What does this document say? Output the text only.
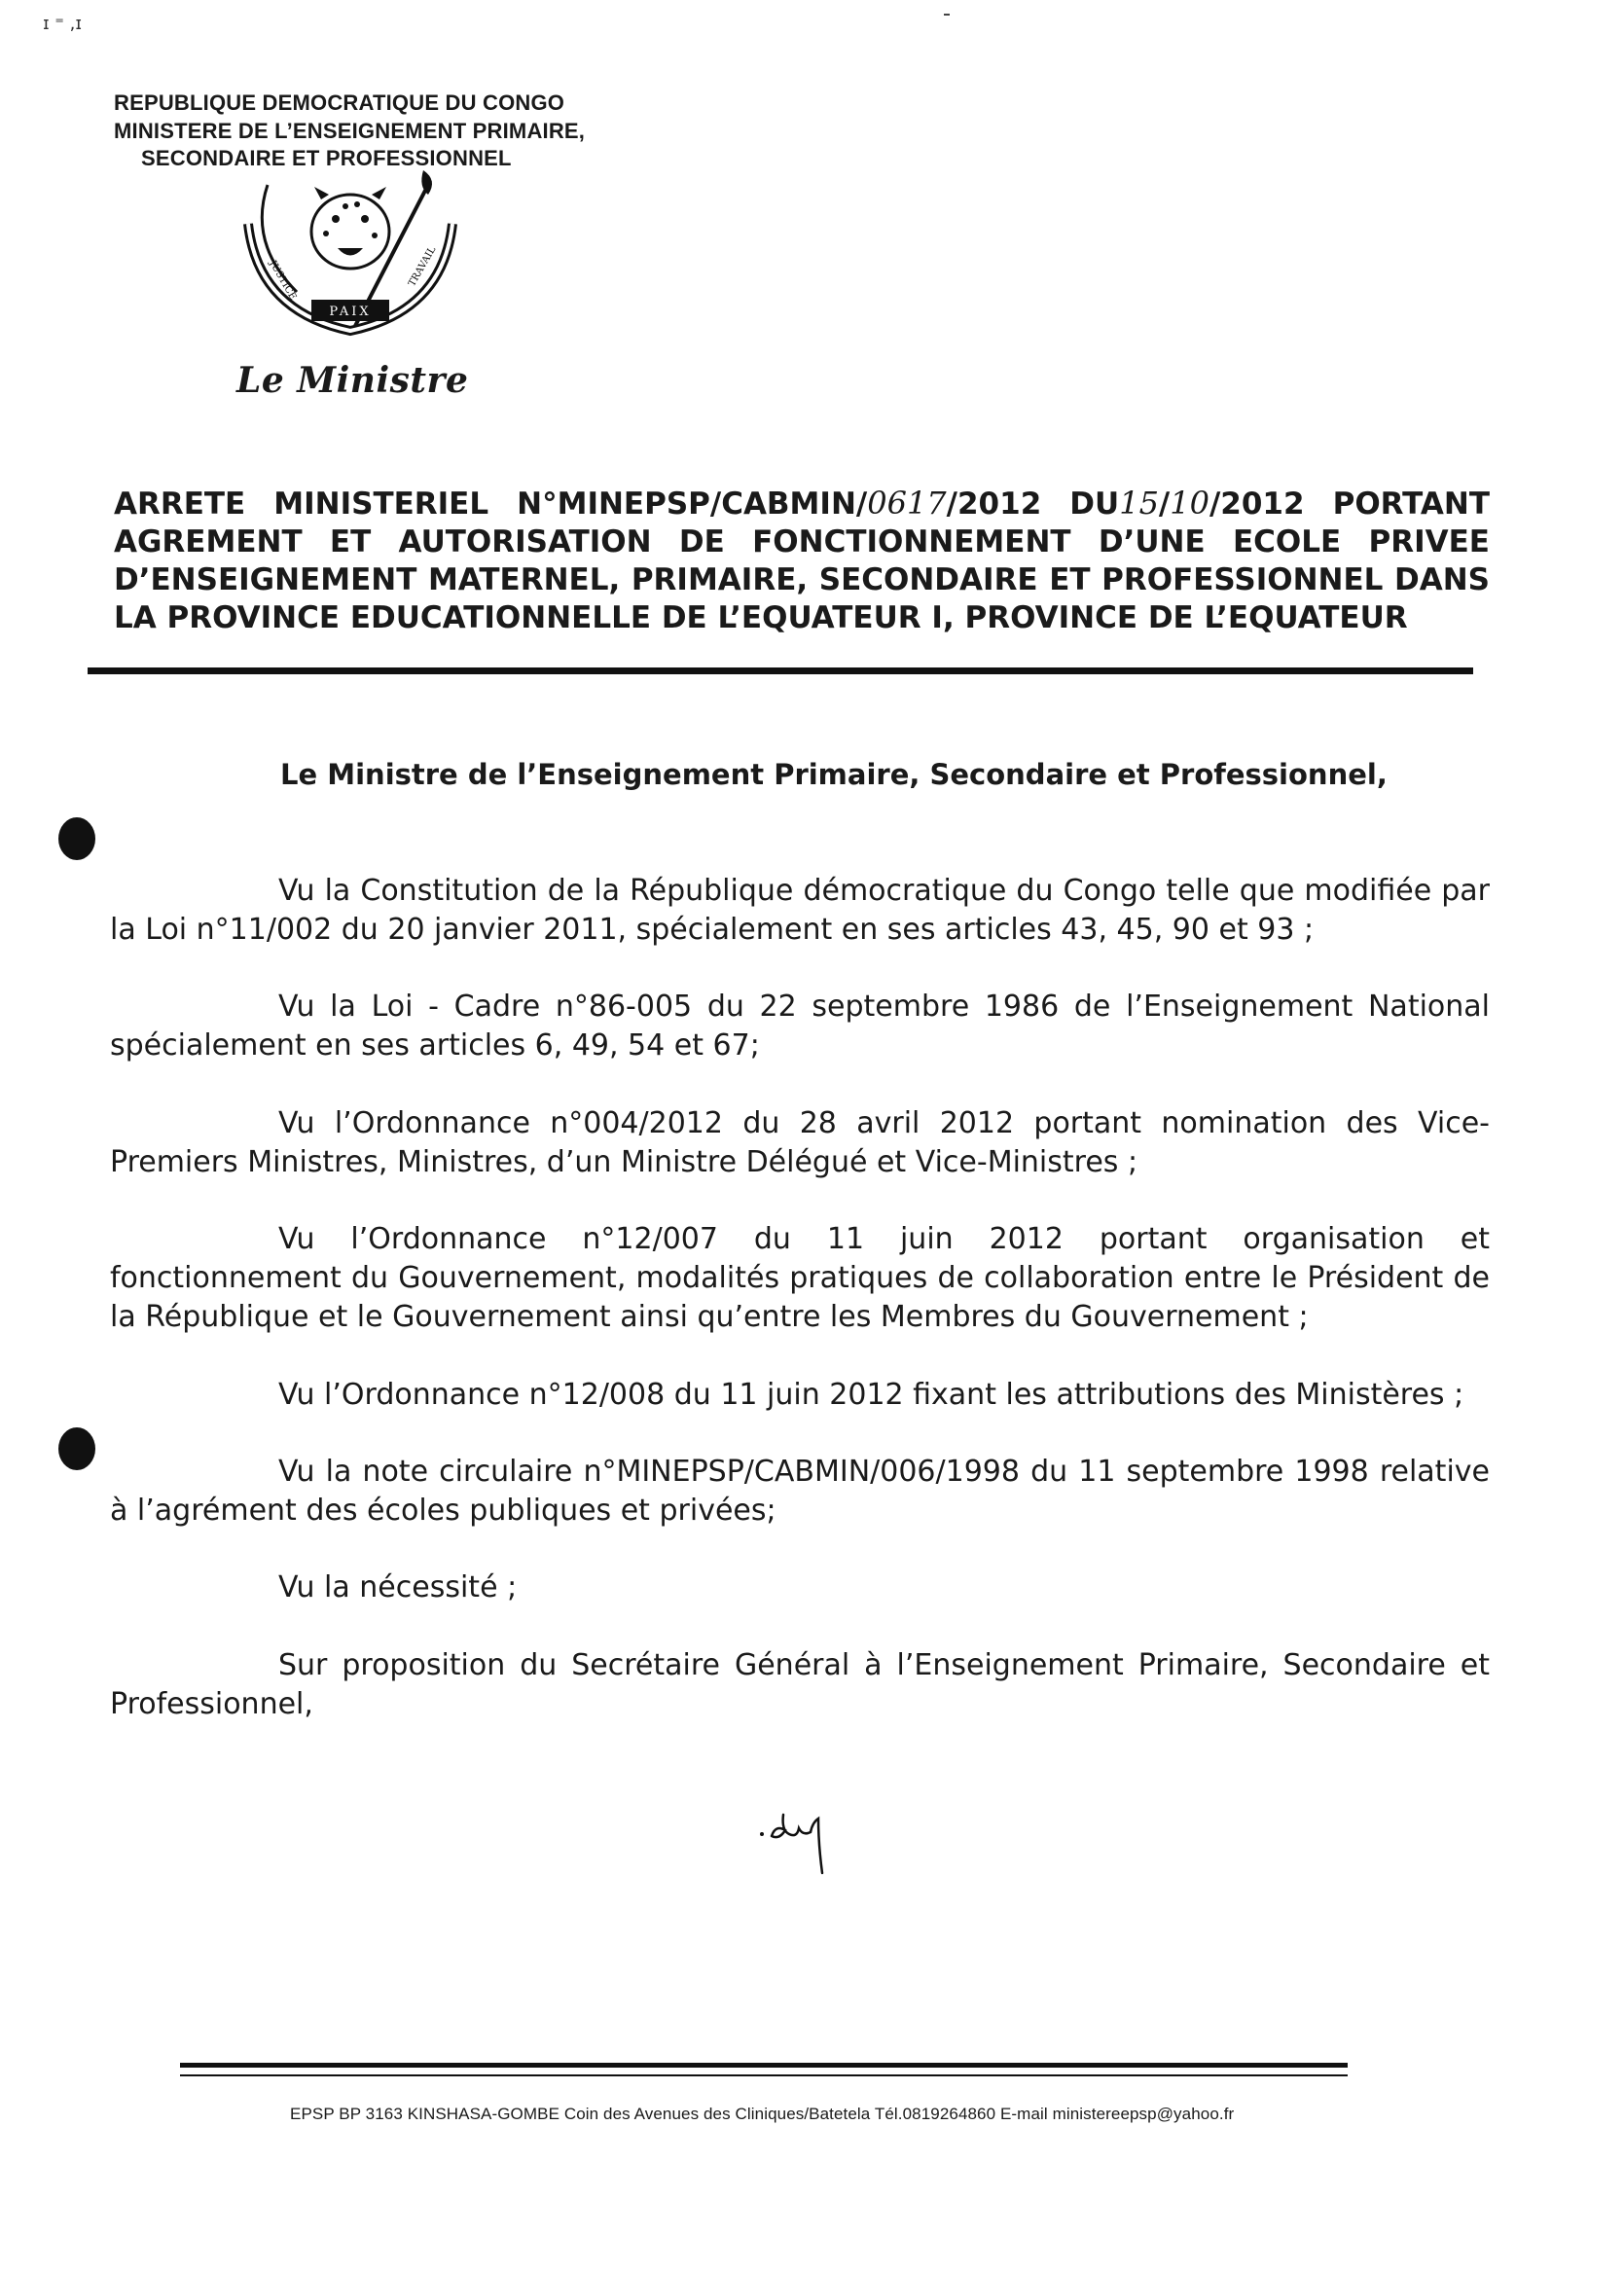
ɪ ⁼ ,ɪ
REPUBLIQUE DEMOCRATIQUE DU CONGO
MINISTERE DE L’ENSEIGNEMENT PRIMAIRE,
SECONDAIRE ET PROFESSIONNEL
PAIX
JUSTICE	TRAVAIL
Le Ministre
ARRETE MINISTERIEL N°MINEPSP/CABMIN/0617/2012 DU15/10/2012 PORTANT
AGREMENT ET AUTORISATION DE FONCTIONNEMENT D’UNE ECOLE PRIVEE
D’ENSEIGNEMENT MATERNEL, PRIMAIRE, SECONDAIRE ET PROFESSIONNEL DANS
LA PROVINCE EDUCATIONNELLE DE L’EQUATEUR I, PROVINCE DE L’EQUATEUR
Le Ministre de l’Enseignement Primaire, Secondaire et Professionnel,
Vu la Constitution de la République démocratique du Congo telle que modifiée par la Loi n°11/002 du 20 janvier 2011, spécialement en ses articles 43, 45, 90 et 93 ;
Vu la Loi - Cadre n°86-005 du 22 septembre 1986 de l’Enseignement National spécialement en ses articles 6, 49, 54 et 67;
Vu l’Ordonnance n°004/2012 du 28 avril 2012 portant nomination des Vice-Premiers Ministres, Ministres, d’un Ministre Délégué et Vice-Ministres ;
Vu l’Ordonnance n°12/007 du 11 juin 2012 portant organisation et fonctionnement du Gouvernement, modalités pratiques de collaboration entre le Président de la République et le Gouvernement ainsi qu’entre les Membres du Gouvernement ;
Vu l’Ordonnance n°12/008 du 11 juin 2012 fixant les attributions des Ministères ;
Vu la note circulaire n°MINEPSP/CABMIN/006/1998 du 11 septembre 1998 relative à l’agrément des écoles publiques et privées;
Vu la nécessité ;
Sur proposition du Secrétaire Général à l’Enseignement Primaire, Secondaire et Professionnel,
da
EPSP BP 3163 KINSHASA-GOMBE Coin des Avenues des Cliniques/Batetela Tél.0819264860 E-mail ministereepsp@yahoo.fr
